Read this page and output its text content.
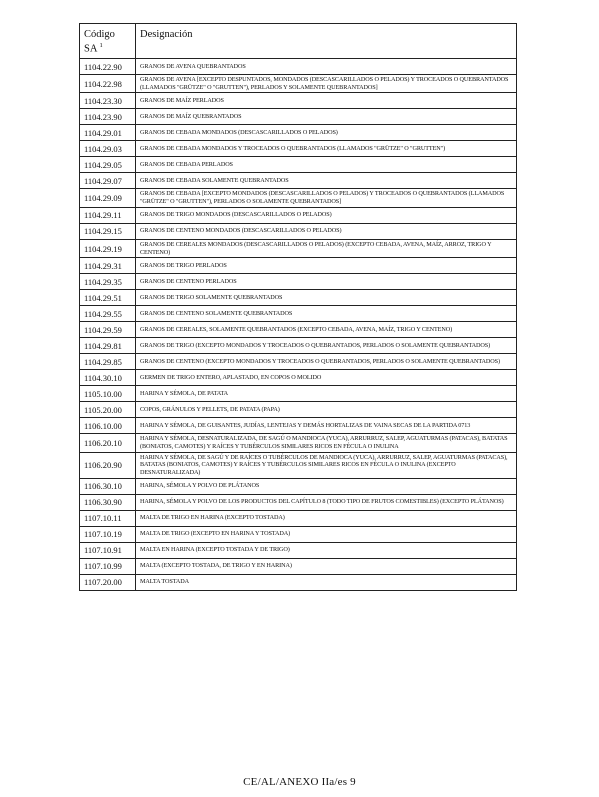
Código
SA $^1$	Designación
1104.22.90	GRANOS DE AVENA QUEBRANTADOS
1104.22.98	GRANOS DE AVENA [EXCEPTO DESPUNTADOS, MONDADOS (DESCASCARILLADOS O PELADOS) Y TROCEADOS O QUEBRANTADOS (LLAMADOS "GRÜTZE" O "GRUTTEN"), PERLADOS Y SOLAMENTE QUEBRANTADOS]
1104.23.30	GRANOS DE MAÍZ PERLADOS
1104.23.90	GRANOS DE MAÍZ QUEBRANTADOS
1104.29.01	GRANOS DE CEBADA MONDADOS (DESCASCARILLADOS O PELADOS)
1104.29.03	GRANOS DE CEBADA MONDADOS Y TROCEADOS O QUEBRANTADOS (LLAMADOS "GRÜTZE" O "GRUTTEN")
1104.29.05	GRANOS DE CEBADA PERLADOS
1104.29.07	GRANOS DE CEBADA SOLAMENTE QUEBRANTADOS
1104.29.09	GRANOS DE CEBADA [EXCEPTO MONDADOS (DESCASCARILLADOS O PELADOS) Y TROCEADOS O QUEBRANTADOS (LLAMADOS "GRÜTZE" O "GRUTTEN"), PERLADOS O SOLAMENTE QUEBRANTADOS]
1104.29.11	GRANOS DE TRIGO MONDADOS (DESCASCARILLADOS O PELADOS)
1104.29.15	GRANOS DE CENTENO MONDADOS (DESCASCARILLADOS O PELADOS)
1104.29.19	GRANOS DE CEREALES MONDADOS (DESCASCARILLADOS O PELADOS) (EXCEPTO CEBADA, AVENA, MAÍZ, ARROZ, TRIGO Y CENTENO)
1104.29.31	GRANOS DE TRIGO PERLADOS
1104.29.35	GRANOS DE CENTENO PERLADOS
1104.29.51	GRANOS DE TRIGO SOLAMENTE QUEBRANTADOS
1104.29.55	GRANOS DE CENTENO SOLAMENTE QUEBRANTADOS
1104.29.59	GRANOS DE CEREALES, SOLAMENTE QUEBRANTADOS (EXCEPTO CEBADA, AVENA, MAÍZ, TRIGO Y CENTENO)
1104.29.81	GRANOS DE TRIGO (EXCEPTO MONDADOS Y TROCEADOS O QUEBRANTADOS, PERLADOS O SOLAMENTE QUEBRANTADOS)
1104.29.85	GRANOS DE CENTENO (EXCEPTO MONDADOS Y TROCEADOS O QUEBRANTADOS, PERLADOS O SOLAMENTE QUEBRANTADOS)
1104.30.10	GERMEN DE TRIGO ENTERO, APLASTADO, EN COPOS O MOLIDO
1105.10.00	HARINA Y SÉMOLA, DE PATATA
1105.20.00	COPOS, GRÁNULOS Y PELLETS, DE PATATA (PAPA)
1106.10.00	HARINA Y SÉMOLA, DE GUISANTES, JUDÍAS, LENTEJAS Y DEMÁS HORTALIZAS DE VAINA SECAS DE LA PARTIDA 0713
1106.20.10	HARINA Y SÉMOLA, DESNATURALIZADA, DE SAGÚ O MANDIOCA (YUCA), ARRURRUZ, SALEP, AGUATURMAS (PATACAS), BATATAS (BONIATOS, CAMOTES) Y RAÍCES Y TUBÉRCULOS SIMILARES RICOS EN FÉCULA O INULINA
1106.20.90	HARINA Y SÉMOLA, DE SAGÚ Y DE RAÍCES O TUBÉRCULOS DE MANDIOCA (YUCA), ARRURRUZ, SALEP, AGUATURMAS (PATACAS), BATATAS (BONIATOS, CAMOTES) Y RAÍCES Y TUBÉRCULOS SIMILARES RICOS EN FÉCULA O INULINA (EXCEPTO DESNATURALIZADA)
1106.30.10	HARINA, SÉMOLA Y POLVO DE PLÁTANOS
1106.30.90	HARINA, SÉMOLA Y POLVO DE LOS PRODUCTOS DEL CAPÍTULO 8 (TODO TIPO DE FRUTOS COMESTIBLES) (EXCEPTO PLÁTANOS)
1107.10.11	MALTA DE TRIGO EN HARINA (EXCEPTO TOSTADA)
1107.10.19	MALTA DE TRIGO (EXCEPTO EN HARINA Y TOSTADA)
1107.10.91	MALTA EN HARINA (EXCEPTO TOSTADA Y DE TRIGO)
1107.10.99	MALTA (EXCEPTO TOSTADA, DE TRIGO Y EN HARINA)
1107.20.00	MALTA TOSTADA
CE/AL/ANEXO IIa/es 9
